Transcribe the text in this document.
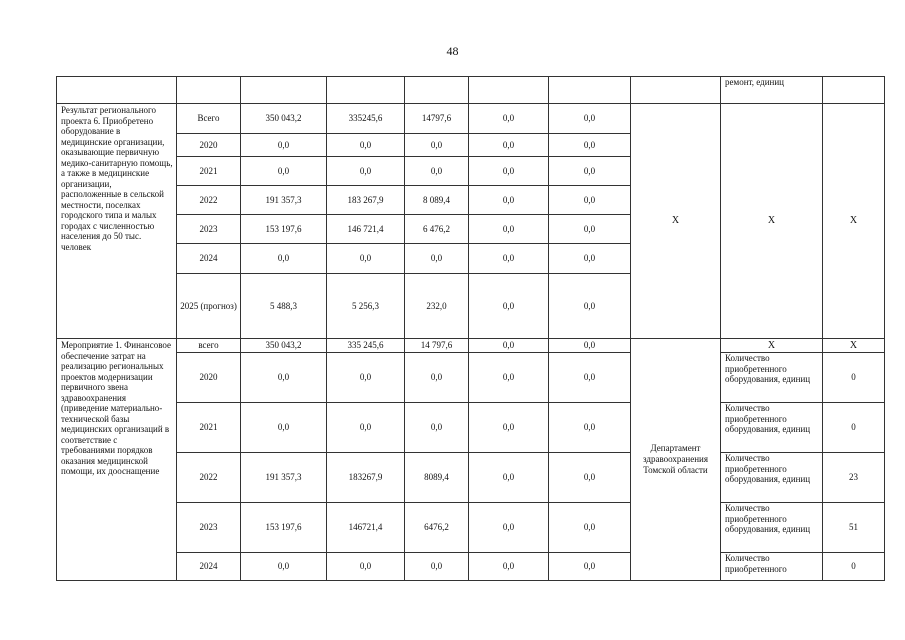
48
								ремонт, единиц	
Результат регионального проекта 6. Приобретено оборудование в медицинские организации, оказывающие первичную медико-санитарную помощь, а также в медицинские организации, расположенные в сельской местности, поселках городского типа и малых городах с численностью населения до 50 тыс. человек	Всего	350 043,2	335245,6	14797,6	0,0	0,0	Х	Х	Х
	2020	0,0	0,0	0,0	0,0	0,0			
	2021	0,0	0,0	0,0	0,0	0,0			
	2022	191 357,3	183 267,9	8 089,4	0,0	0,0			
	2023	153 197,6	146 721,4	6 476,2	0,0	0,0			
	2024	0,0	0,0	0,0	0,0	0,0			
	2025 (прогноз)	5 488,3	5 256,3	232,0	0,0	0,0			
Мероприятие 1. Финансовое обеспечение затрат на реализацию региональных проектов модернизации первичного звена здравоохранения (приведение материально-технической базы медицинских организаций в соответствие с требованиями порядков оказания медицинской помощи, их дооснащение	всего	350 043,2	335 245,6	14 797,6	0,0	0,0	Департамент здравоохранения Томской области	Х	Х
	2020	0,0	0,0	0,0	0,0	0,0		Количество приобретенного оборудования, единиц	0
	2021	0,0	0,0	0,0	0,0	0,0		Количество приобретенного оборудования, единиц	0
	2022	191 357,3	183267,9	8089,4	0,0	0,0		Количество приобретенного оборудования, единиц	23
	2023	153 197,6	146721,4	6476,2	0,0	0,0		Количество приобретенного оборудования, единиц	51
	2024	0,0	0,0	0,0	0,0	0,0		Количество приобретенного	0
